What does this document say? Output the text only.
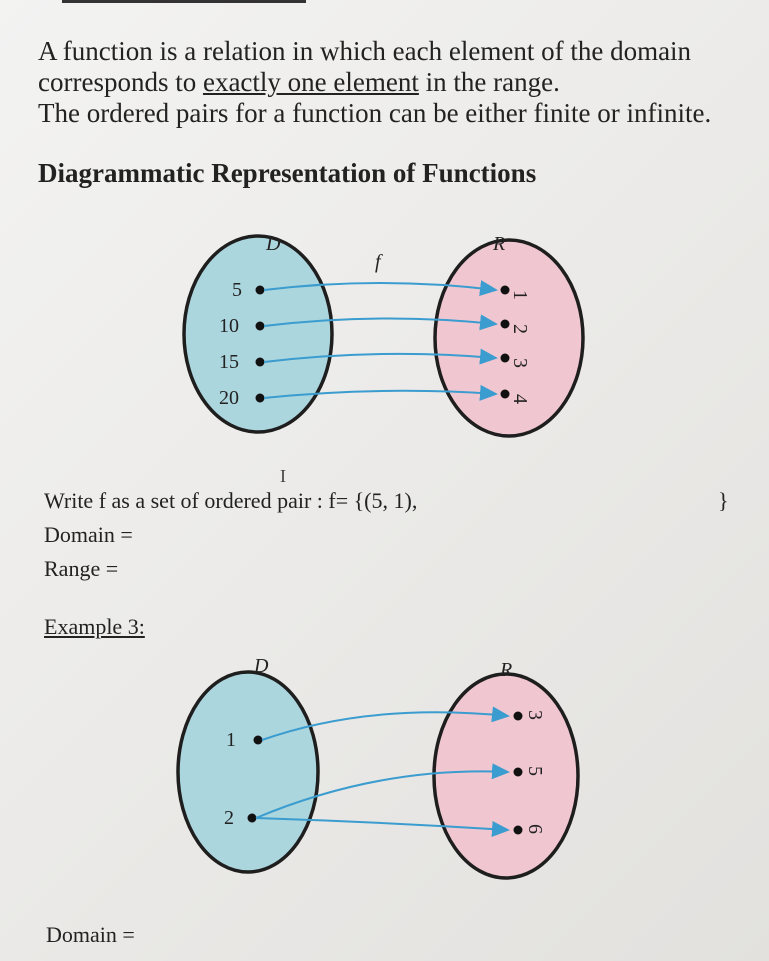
A function is a relation in which each element of the domain
corresponds to exactly one element in the range.
The ordered pairs for a function can be either finite or infinite.
Diagrammatic Representation of Functions
D	R
f
5
10
15
20
1
2
3
4
D	R
1
2
3
5
6
I
Write f as a set of ordered pair : f= {(5, 1),	}
Domain =
Range =
Example 3:
Domain =
